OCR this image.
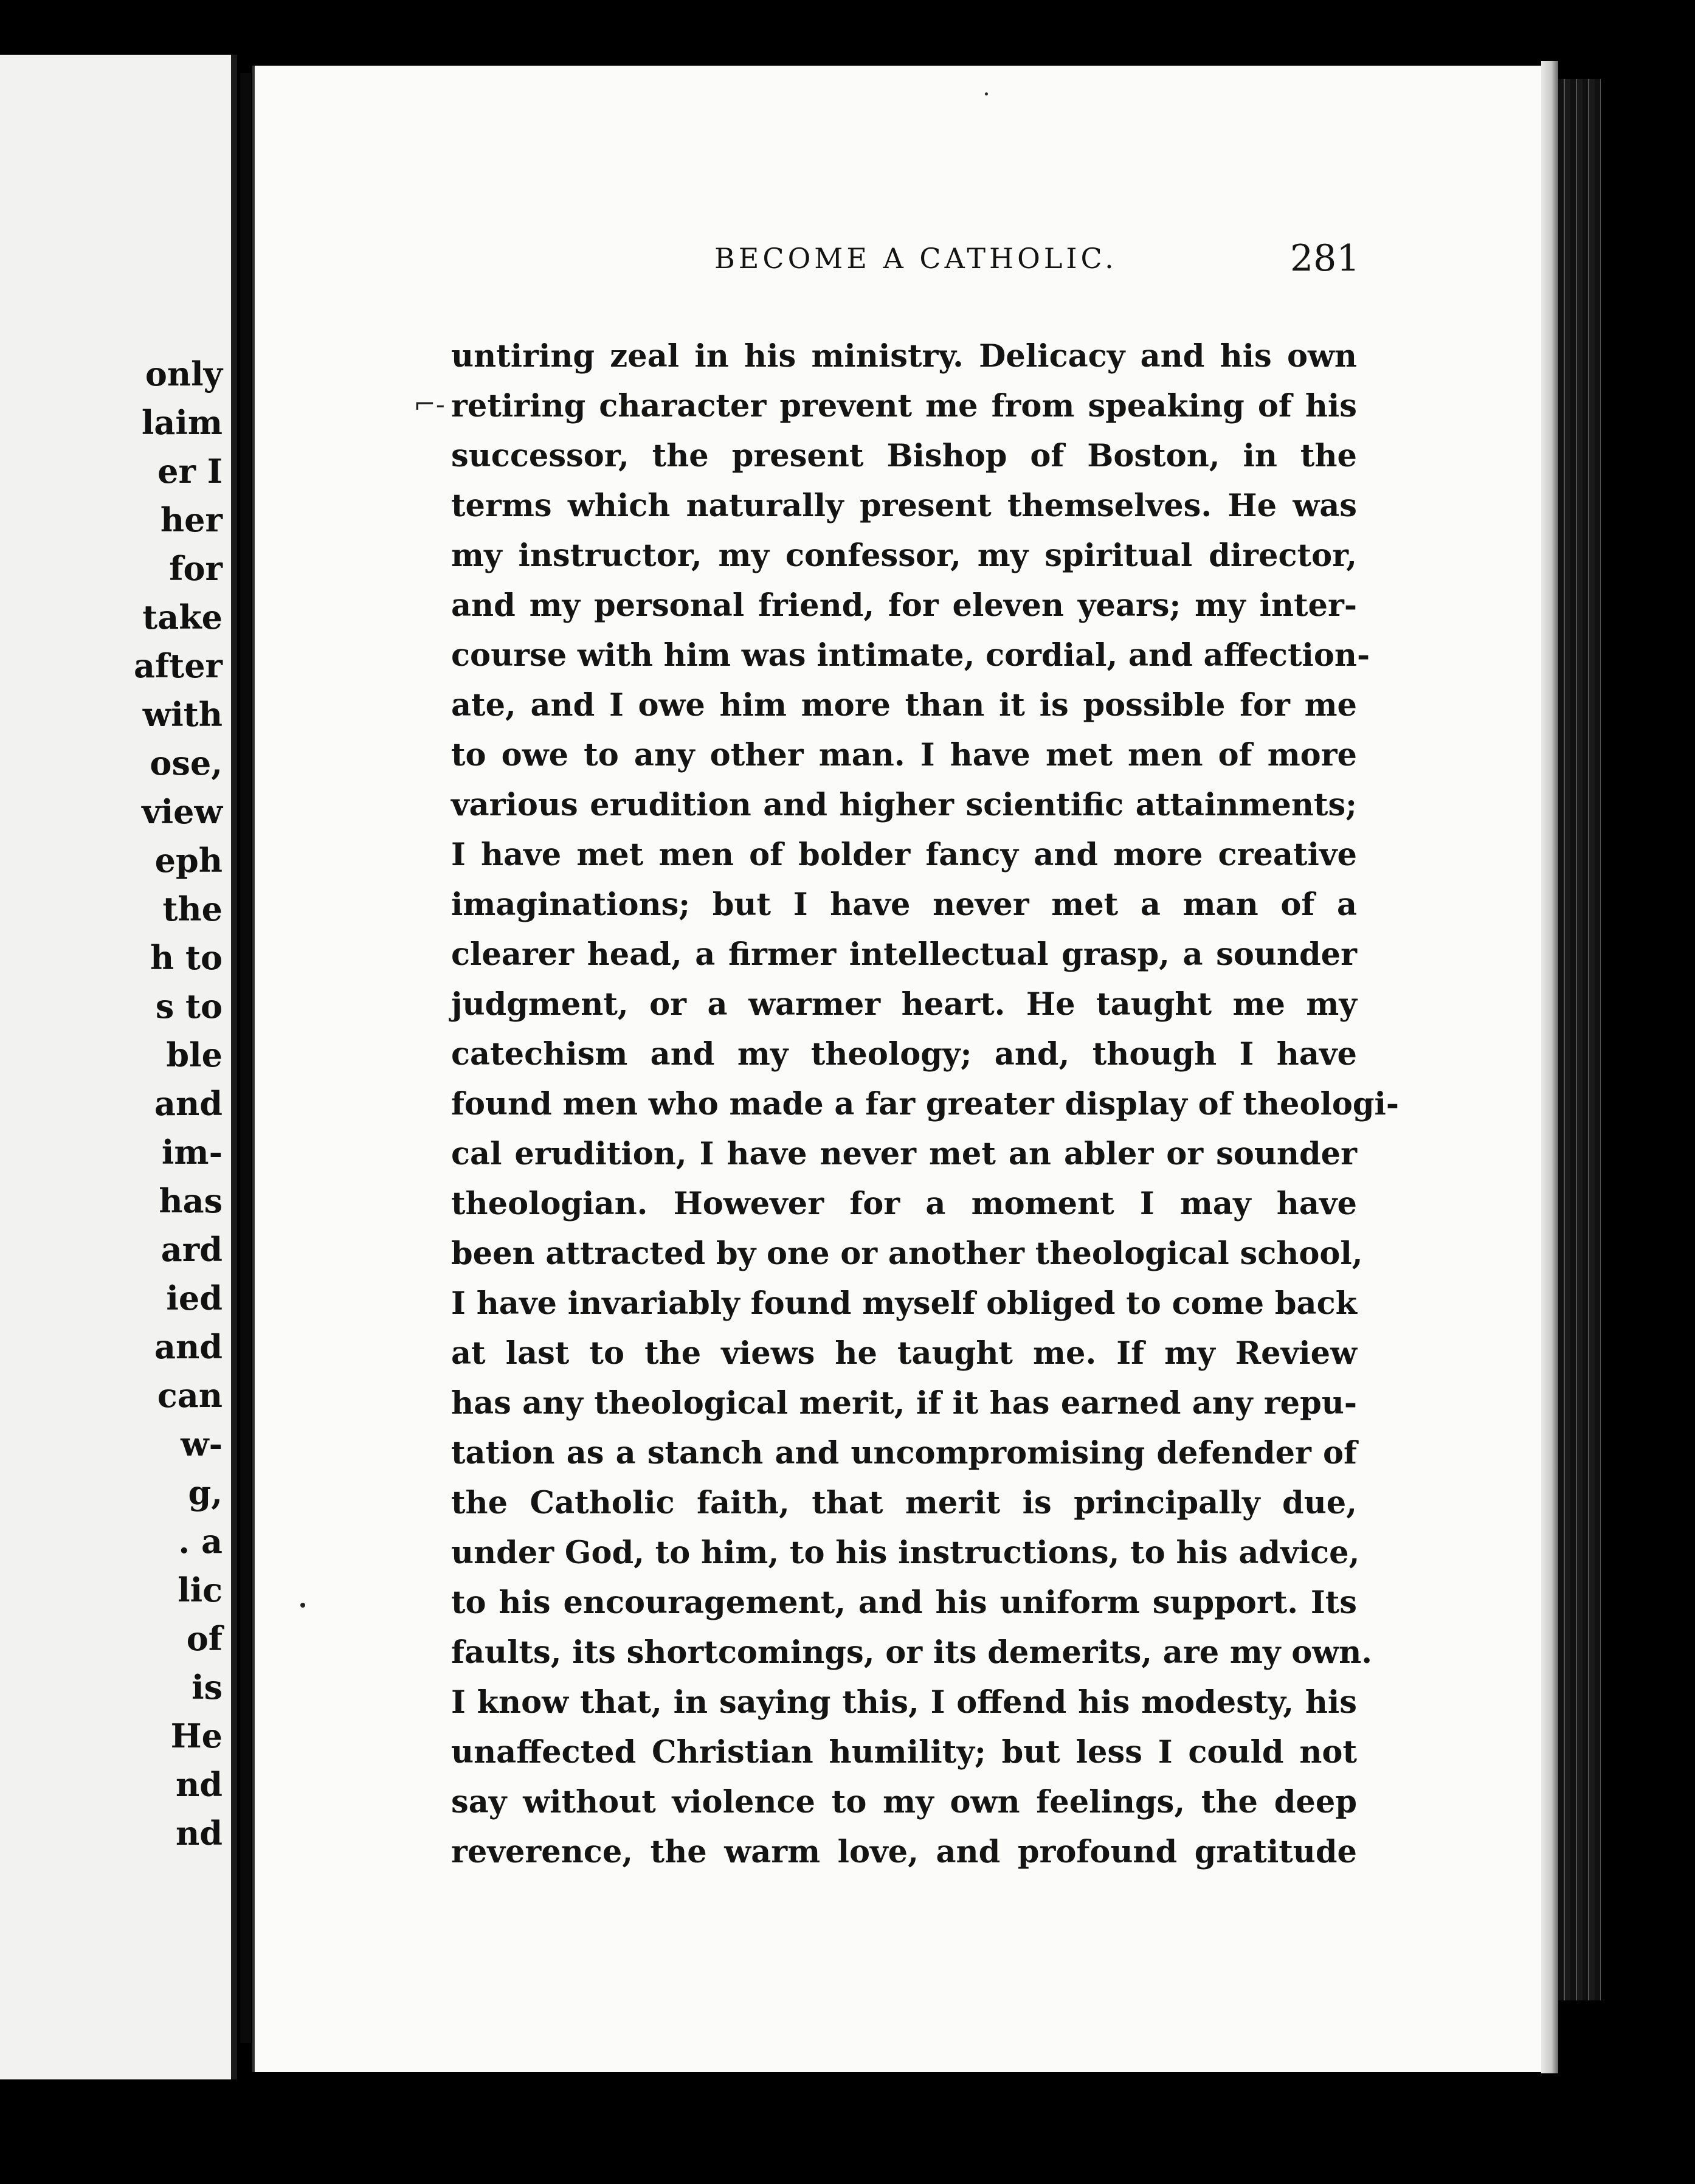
only
laim
er I
her
for
take
after
with
ose,
view
eph
the
h to
s to
ble
and
im-
has
ard
ied
and
can
w-
g,
. a
lic
of
is
He
nd
nd
BECOME A CATHOLIC.	281
⌐-
untiring zeal in his ministry. Delicacy and his own
retiring character prevent me from speaking of his
successor, the present Bishop of Boston, in the
terms which naturally present themselves. He was
my instructor, my confessor, my spiritual director,
and my personal friend, for eleven years; my inter-
course with him was intimate, cordial, and affection-
ate, and I owe him more than it is possible for me
to owe to any other man. I have met men of more
various erudition and higher scientific attainments;
I have met men of bolder fancy and more creative
imaginations; but I have never met a man of a
clearer head, a firmer intellectual grasp, a sounder
judgment, or a warmer heart. He taught me my
catechism and my theology; and, though I have
found men who made a far greater display of theologi-
cal erudition, I have never met an abler or sounder
theologian. However for a moment I may have
been attracted by one or another theological school,
I have invariably found myself obliged to come back
at last to the views he taught me. If my Review
has any theological merit, if it has earned any repu-
tation as a stanch and uncompromising defender of
the Catholic faith, that merit is principally due,
under God, to him, to his instructions, to his advice,
to his encouragement, and his uniform support. Its
faults, its shortcomings, or its demerits, are my own.
I know that, in saying this, I offend his modesty, his
unaffected Christian humility; but less I could not
say without violence to my own feelings, the deep
reverence, the warm love, and profound gratitude
